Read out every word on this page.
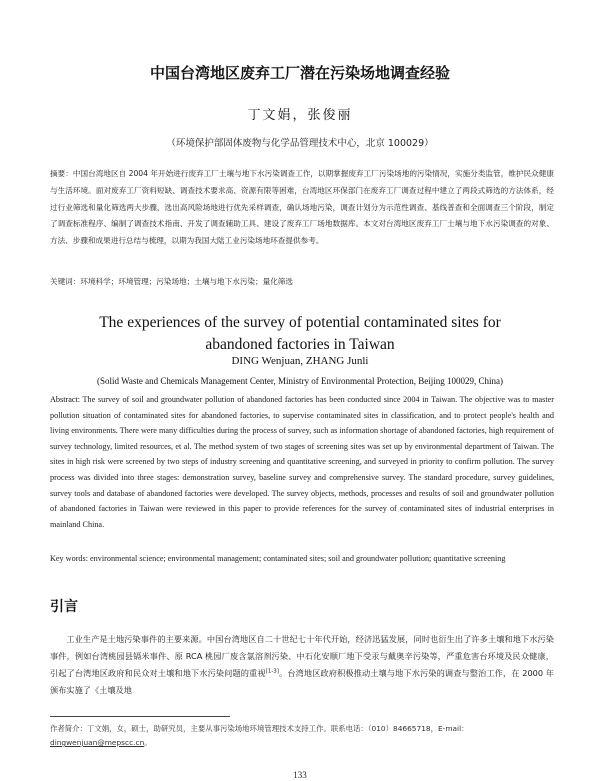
中国台湾地区废弃工厂潜在污染场地调查经验
丁文娟，张俊丽
（环境保护部固体废物与化学品管理技术中心，北京 100029）

摘要：中国台湾地区自 2004 年开始进行废弃工厂土壤与地下水污染调查工作，以期掌握废弃工厂污染场地的污染情况，实施分类监管，维护民众健康与生活环境。面对废弃工厂资料短缺、调查技术要求高、资源有限等困难，台湾地区环保部门在废弃工厂调查过程中建立了两段式筛选的方法体系，经过行业筛选和量化筛选两大步骤，选出高风险场地进行优先采样调查，确认场地污染，调查计划分为示范性调查、基线普查和全面调查三个阶段，制定了调查标准程序、编制了调查技术指南、开发了调查辅助工具、建设了废弃工厂场地数据库。本文对台湾地区废弃工厂土壤与地下水污染调查的对象、方法、步骤和成果进行总结与梳理，以期为我国大陆工业污染场地环查提供参考。

关键词：环境科学；环境管理；污染场地；土壤与地下水污染；量化筛选

The experiences of the survey of potential contaminated sites for
abandoned factories in Taiwan
DING Wenjuan, ZHANG Junli
(Solid Waste and Chemicals Management Center, Ministry of Environmental Protection, Beijing 100029, China)

Abstract: The survey of soil and groundwater pollution of abandoned factories has been conducted since 2004 in Taiwan. The objective was to master pollution situation of contaminated sites for abandoned factories, to supervise contaminated sites in classification, and to protect people's health and living environments. There were many difficulties during the process of survey, such as information shortage of abandoned factories, high requirement of survey technology, limited resources, et al. The method system of two stages of screening sites was set up by environmental department of Taiwan. The sites in high risk were screened by two steps of industry screening and quantitative screening, and surveyed in priority to confirm pollution. The survey process was divided into three stages: demonstration survey, baseline survey and comprehensive survey. The standard procedure, survey guidelines, survey tools and database of abandoned factories were developed. The survey objects, methods, processes and results of soil and groundwater pollution of abandoned factories in Taiwan were reviewed in this paper to provide references for the survey of contaminated sites of industrial enterprises in mainland China.

Key words: environmental science; environmental management; contaminated sites; soil and groundwater pollution; quantitative screening

引言

工业生产是土地污染事件的主要来源。中国台湾地区自二十世纪七十年代开始，经济迅猛发展，同时也衍生出了许多土壤和地下水污染事件，例如台湾桃园县镉米事件、原 RCA 桃园厂废含氯溶剂污染、中石化安顺厂地下受汞与戴奥辛污染等，严重危害台环境及民众健康，引起了台湾地区政府和民众对土壤和地下水污染问题的重视[1-3]。台湾地区政府积极推动土壤与地下水污染的调查与整治工作，在 2000 年颁布实施了《土壤及地

作者简介：丁文娟，女，硕士，助研究员，主要从事污染场地环境管理技术支持工作。联系电话：（010）84665718，E-mail：dingwenjuan@mepscc.cn。

133
